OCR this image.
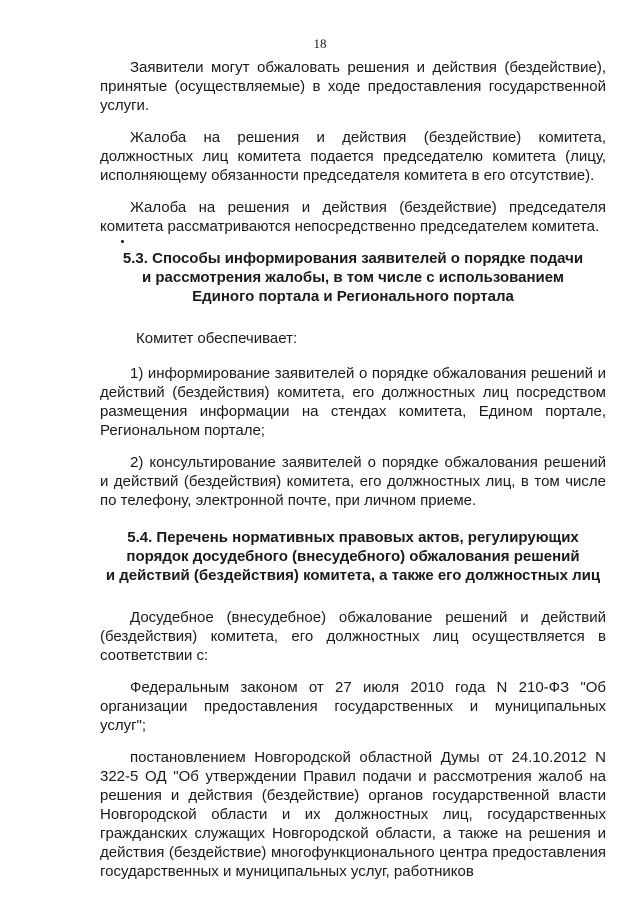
18

Заявители могут обжаловать решения и действия (бездействие), принятые (осуществляемые) в ходе предоставления государственной услуги.

Жалоба на решения и действия (бездействие) комитета, должностных лиц комитета подается председателю комитета (лицу, исполняющему обязанности председателя комитета в его отсутствие).

Жалоба на решения и действия (бездействие) председателя комитета рассматриваются непосредственно председателем комитета.

5.3. Способы информирования заявителей о порядке подачи
и рассмотрения жалобы, в том числе с использованием
Единого портала и Регионального портала

Комитет обеспечивает:

1) информирование заявителей о порядке обжалования решений и действий (бездействия) комитета, его должностных лиц посредством размещения информации на стендах комитета, Едином портале, Региональном портале;

2) консультирование заявителей о порядке обжалования решений и действий (бездействия) комитета, его должностных лиц, в том числе по телефону, электронной почте, при личном приеме.

5.4. Перечень нормативных правовых актов, регулирующих
порядок досудебного (внесудебного) обжалования решений
и действий (бездействия) комитета, а также его должностных лиц

Досудебное (внесудебное) обжалование решений и действий (бездействия) комитета, его должностных лиц осуществляется в соответствии с:

Федеральным законом от 27 июля 2010 года N 210-ФЗ "Об организации предоставления государственных и муниципальных услуг";

постановлением Новгородской областной Думы от 24.10.2012 N 322-5 ОД "Об утверждении Правил подачи и рассмотрения жалоб на решения и действия (бездействие) органов государственной власти Новгородской области и их должностных лиц, государственных гражданских служащих Новгородской области, а также на решения и действия (бездействие) многофункционального центра предоставления государственных и муниципальных услуг, работников
